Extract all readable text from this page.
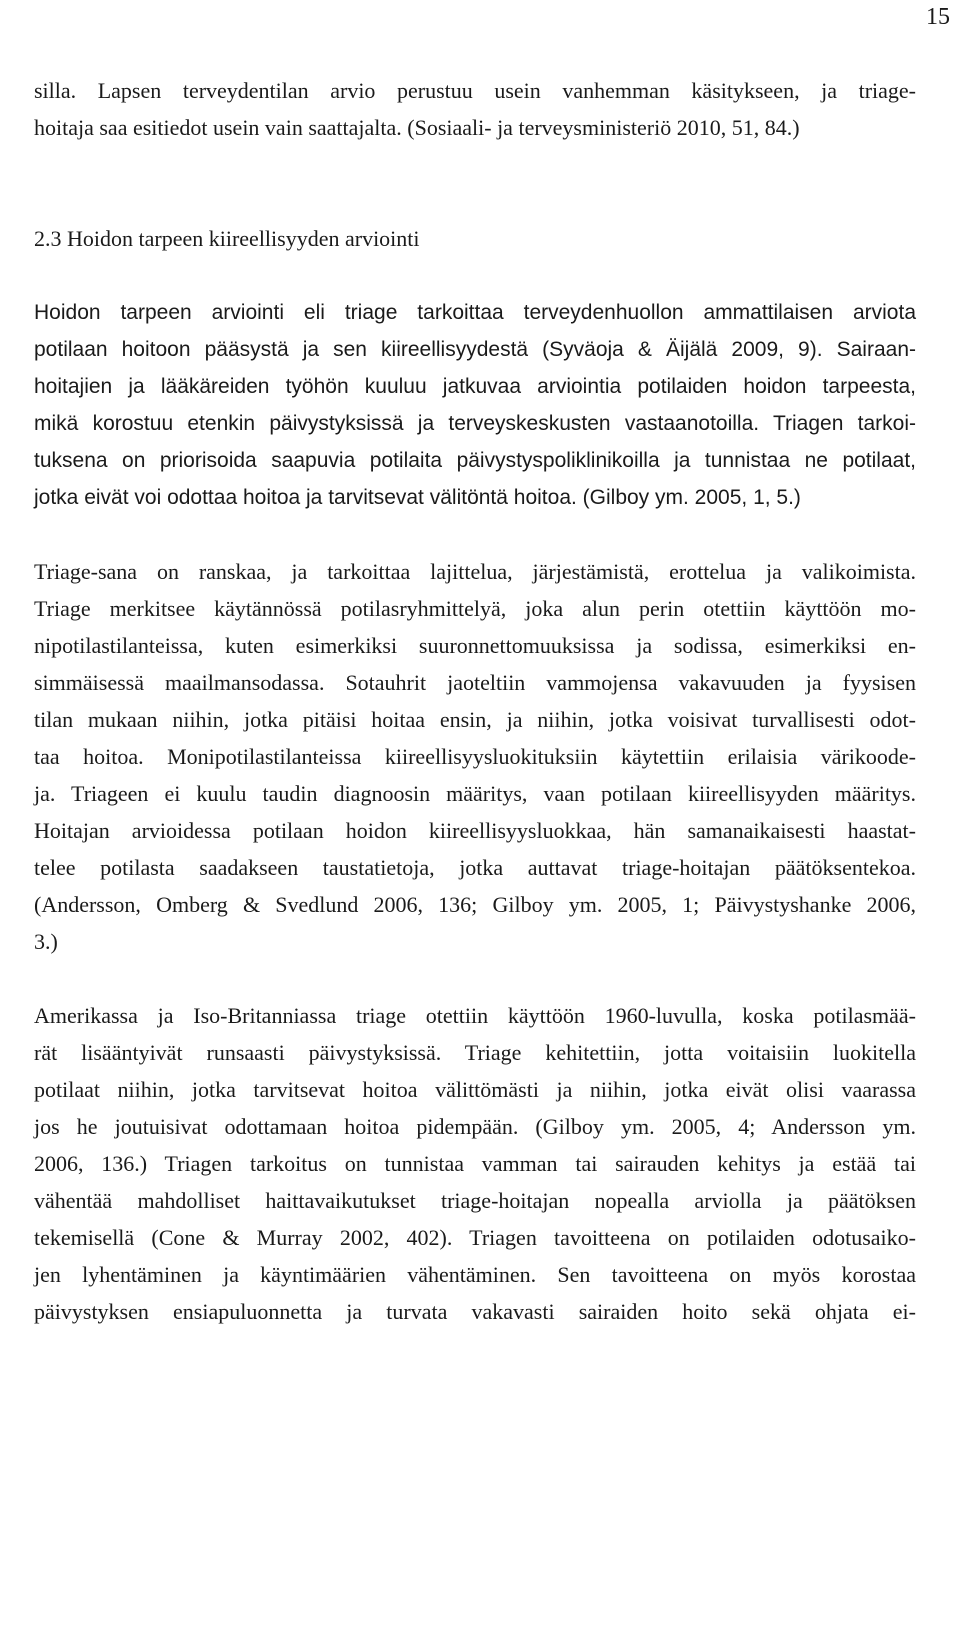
15
silla. Lapsen terveydentilan arvio perustuu usein vanhemman käsitykseen, ja triage-
hoitaja saa esitiedot usein vain saattajalta. (Sosiaali- ja terveysministeriö 2010, 51, 84.)
2.3 Hoidon tarpeen kiireellisyyden arviointi
Hoidon tarpeen arviointi eli triage tarkoittaa terveydenhuollon ammattilaisen arviota
potilaan hoitoon pääsystä ja sen kiireellisyydestä (Syväoja & Äijälä 2009, 9). Sairaan-
hoitajien ja lääkäreiden työhön kuuluu jatkuvaa arviointia potilaiden hoidon tarpeesta,
mikä korostuu etenkin päivystyksissä ja terveyskeskusten vastaanotoilla. Triagen tarkoi-
tuksena on priorisoida saapuvia potilaita päivystyspoliklinikoilla ja tunnistaa ne potilaat,
jotka eivät voi odottaa hoitoa ja tarvitsevat välitöntä hoitoa. (Gilboy ym. 2005, 1, 5.)
Triage-sana on ranskaa, ja tarkoittaa lajittelua, järjestämistä, erottelua ja valikoimista.
Triage merkitsee käytännössä potilasryhmittelyä, joka alun perin otettiin käyttöön mo-
nipotilastilanteissa, kuten esimerkiksi suuronnettomuuksissa ja sodissa, esimerkiksi en-
simmäisessä maailmansodassa. Sotauhrit jaoteltiin vammojensa vakavuuden ja fyysisen
tilan mukaan niihin, jotka pitäisi hoitaa ensin, ja niihin, jotka voisivat turvallisesti odot-
taa hoitoa. Monipotilastilanteissa kiireellisyysluokituksiin käytettiin erilaisia värikoode-
ja. Triageen ei kuulu taudin diagnoosin määritys, vaan potilaan kiireellisyyden määritys.
Hoitajan arvioidessa potilaan hoidon kiireellisyysluokkaa, hän samanaikaisesti haastat-
telee potilasta saadakseen taustatietoja, jotka auttavat triage-hoitajan päätöksentekoa.
(Andersson, Omberg & Svedlund 2006, 136; Gilboy ym. 2005, 1; Päivystyshanke 2006,
3.)
Amerikassa ja Iso-Britanniassa triage otettiin käyttöön 1960-luvulla, koska potilasmää-
rät lisääntyivät runsaasti päivystyksissä. Triage kehitettiin, jotta voitaisiin luokitella
potilaat niihin, jotka tarvitsevat hoitoa välittömästi ja niihin, jotka eivät olisi vaarassa
jos he joutuisivat odottamaan hoitoa pidempään. (Gilboy ym. 2005, 4; Andersson ym.
2006, 136.) Triagen tarkoitus on tunnistaa vamman tai sairauden kehitys ja estää tai
vähentää mahdolliset haittavaikutukset triage-hoitajan nopealla arviolla ja päätöksen
tekemisellä (Cone & Murray 2002, 402). Triagen tavoitteena on potilaiden odotusaiko-
jen lyhentäminen ja käyntimäärien vähentäminen. Sen tavoitteena on myös korostaa
päivystyksen ensiapuluonnetta ja turvata vakavasti sairaiden hoito sekä ohjata ei-
